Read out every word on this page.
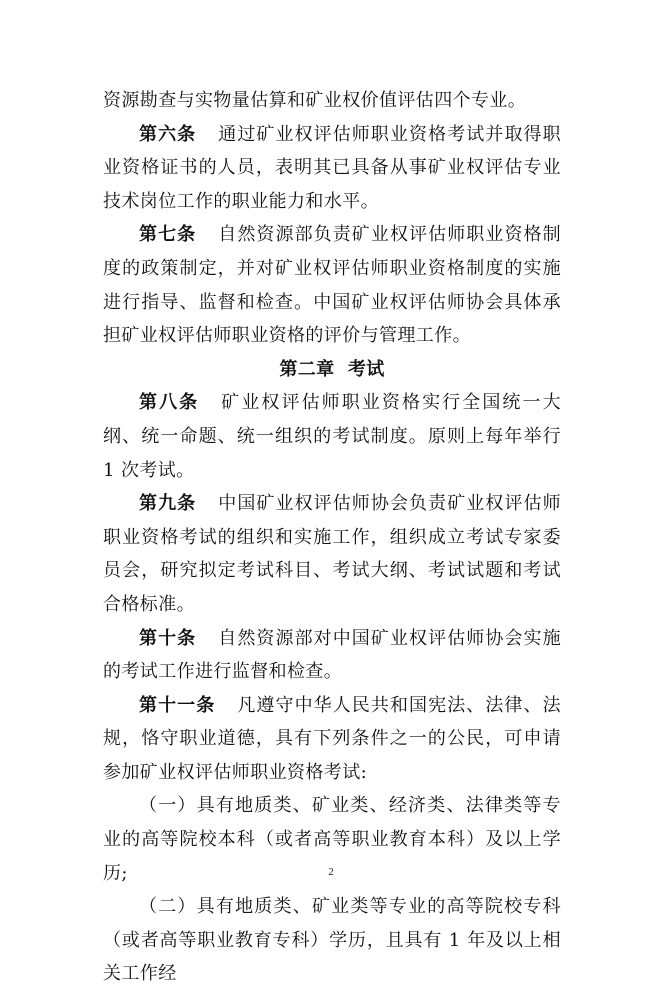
资源勘查与实物量估算和矿业权价值评估四个专业。

第六条 通过矿业权评估师职业资格考试并取得职业资格证书的人员，表明其已具备从事矿业权评估专业技术岗位工作的职业能力和水平。

第七条 自然资源部负责矿业权评估师职业资格制度的政策制定，并对矿业权评估师职业资格制度的实施进行指导、监督和检查。中国矿业权评估师协会具体承担矿业权评估师职业资格的评价与管理工作。

第二章  考试

第八条 矿业权评估师职业资格实行全国统一大纲、统一命题、统一组织的考试制度。原则上每年举行 1 次考试。

第九条 中国矿业权评估师协会负责矿业权评估师职业资格考试的组织和实施工作，组织成立考试专家委员会，研究拟定考试科目、考试大纲、考试试题和考试合格标准。

第十条 自然资源部对中国矿业权评估师协会实施的考试工作进行监督和检查。

第十一条 凡遵守中华人民共和国宪法、法律、法规，恪守职业道德，具有下列条件之一的公民，可申请参加矿业权评估师职业资格考试:

（一）具有地质类、矿业类、经济类、法律类等专业的高等院校本科（或者高等职业教育本科）及以上学历;

（二）具有地质类、矿业类等专业的高等院校专科（或者高等职业教育专科）学历，且具有 1 年及以上相关工作经

2
